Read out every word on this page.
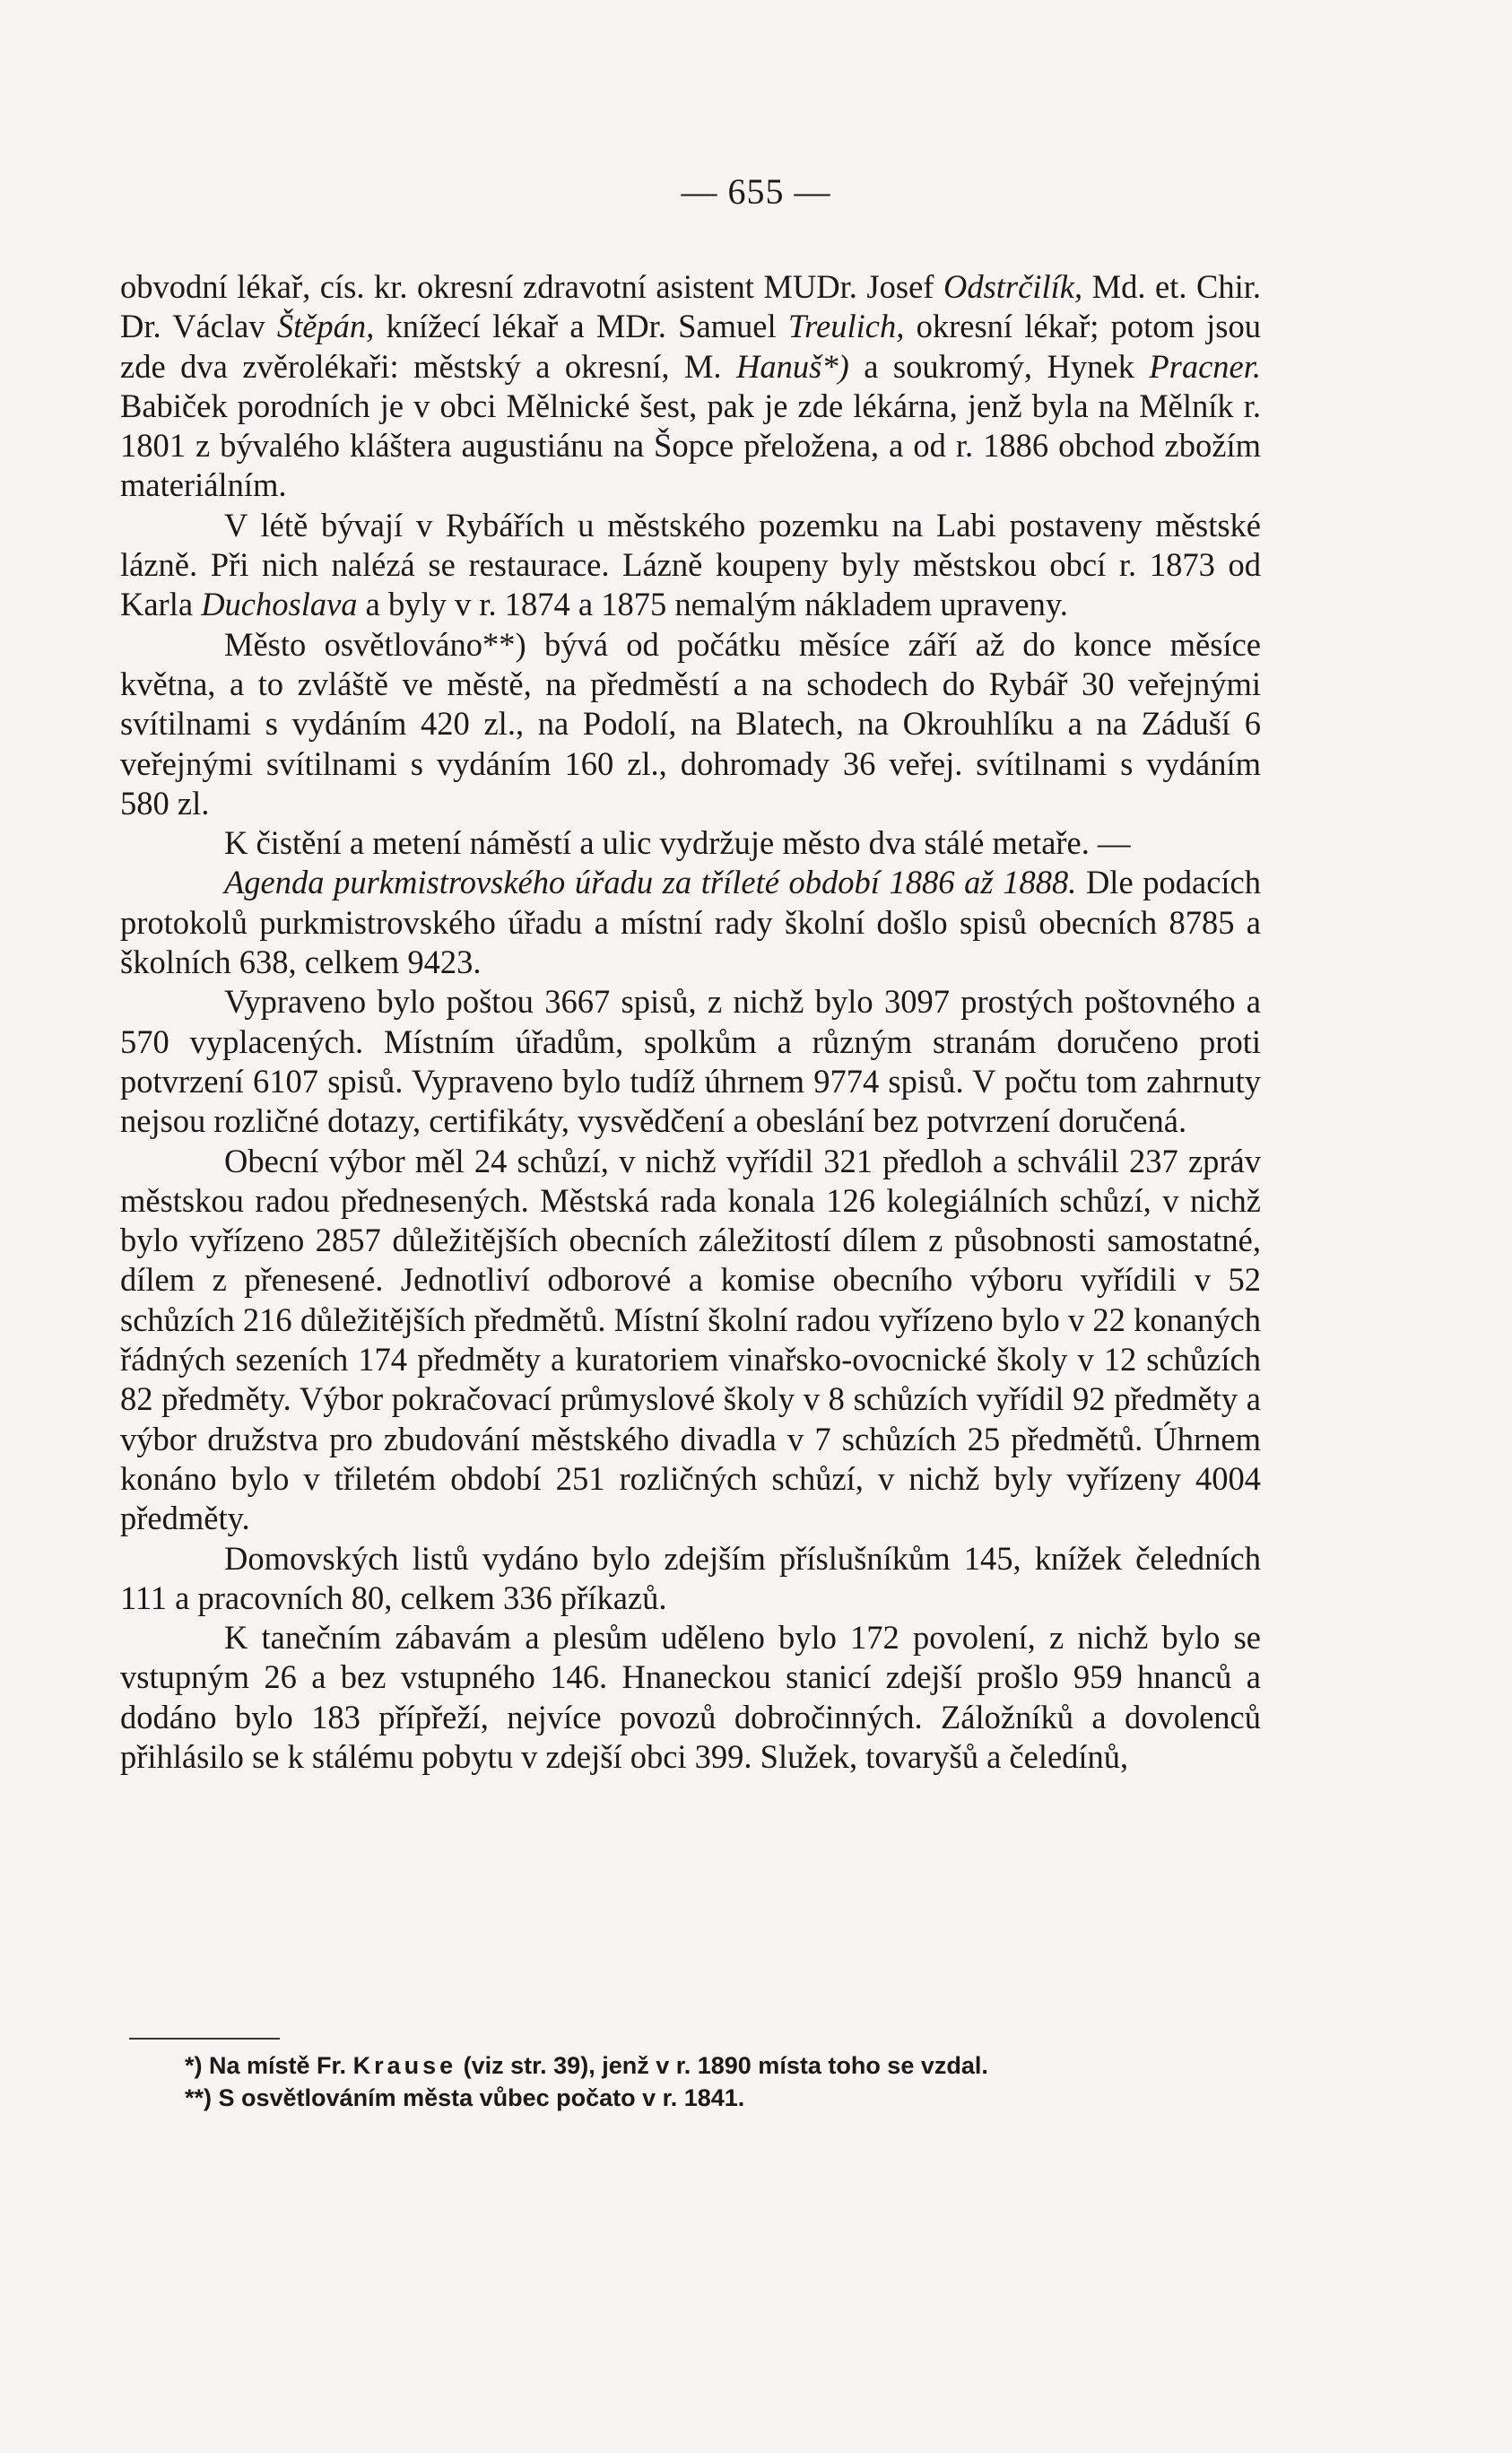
— 655 —

obvodní lékař, cís. kr. okresní zdravotní asistent MUDr. Josef Odstrčilík, Md. et. Chir. Dr. Václav Štěpán, knížecí lékař a MDr. Samuel Treulich, okresní lékař; potom jsou zde dva zvěrolékaři: městský a okresní, M. Hanuš*) a soukromý, Hynek Pracner. Babiček porodních je v obci Mělnické šest, pak je zde lékárna, jenž byla na Mělník r. 1801 z bývalého kláštera augustiánu na Šopce přeložena, a od r. 1886 obchod zbožím materiálním.

V létě bývají v Rybářích u městského pozemku na Labi postaveny městské lázně. Při nich nalézá se restaurace. Lázně koupeny byly městskou obcí r. 1873 od Karla Duchoslava a byly v r. 1874 a 1875 nemalým nákladem upraveny.

Město osvětlováno**) bývá od počátku měsíce září až do konce měsíce května, a to zvláště ve městě, na předměstí a na schodech do Rybář 30 veřejnými svítilnami s vydáním 420 zl., na Podolí, na Blatech, na Okrouhlíku a na Záduší 6 veřejnými svítilnami s vydáním 160 zl., dohromady 36 veřej. svítilnami s vydáním 580 zl.

K čistění a metení náměstí a ulic vydržuje město dva stálé metaře. —

Agenda purkmistrovského úřadu za tříleté období 1886 až 1888. Dle podacích protokolů purkmistrovského úřadu a místní rady školní došlo spisů obecních 8785 a školních 638, celkem 9423.

Vypraveno bylo poštou 3667 spisů, z nichž bylo 3097 prostých poštovného a 570 vyplacených. Místním úřadům, spolkům a různým stranám doručeno proti potvrzení 6107 spisů. Vypraveno bylo tudíž úhrnem 9774 spisů. V počtu tom zahrnuty nejsou rozličné dotazy, certifikáty, vysvědčení a obeslání bez potvrzení doručená.

Obecní výbor měl 24 schůzí, v nichž vyřídil 321 předloh a schválil 237 zpráv městskou radou přednesených. Městská rada konala 126 kolegiálních schůzí, v nichž bylo vyřízeno 2857 důležitějších obecních záležitostí dílem z působnosti samostatné, dílem z přenesené. Jednotliví odborové a komise obecního výboru vyřídili v 52 schůzích 216 důležitějších předmětů. Místní školní radou vyřízeno bylo v 22 konaných řádných sezeních 174 předměty a kuratoriem vinařsko-ovocnické školy v 12 schůzích 82 předměty. Výbor pokračovací průmyslové školy v 8 schůzích vyřídil 92 předměty a výbor družstva pro zbudování městského divadla v 7 schůzích 25 předmětů. Úhrnem konáno bylo v třiletém období 251 rozličných schůzí, v nichž byly vyřízeny 4004 předměty.

Domovských listů vydáno bylo zdejším příslušníkům 145, knížek čeledních 111 a pracovních 80, celkem 336 příkazů.

K tanečním zábavám a plesům uděleno bylo 172 povolení, z nichž bylo se vstupným 26 a bez vstupného 146. Hnaneckou stanicí zdejší prošlo 959 hnanců a dodáno bylo 183 přípřeží, nejvíce povozů dobročinných. Záložníků a dovolenců přihlásilo se k stálému pobytu v zdejší obci 399. Služek, tovaryšů a čeledínů,

*) Na místě Fr. Krause (viz str. 39), jenž v r. 1890 místa toho se vzdal.

**) S osvětlováním města vůbec počato v r. 1841.
